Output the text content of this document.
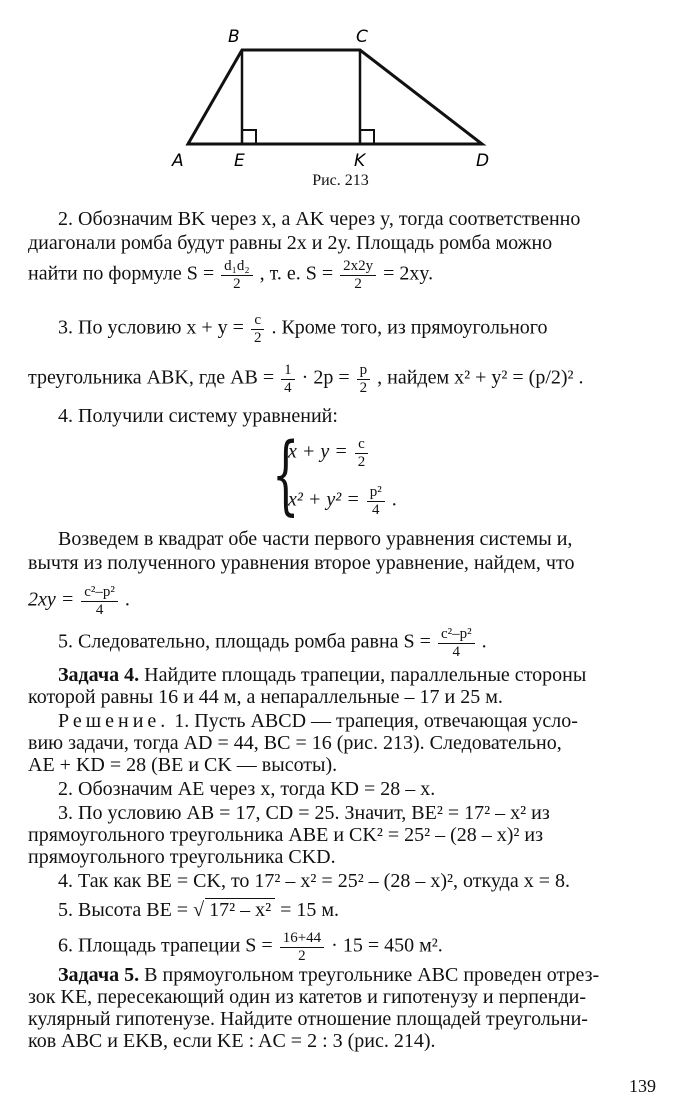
B	C
A	E	K	D
Рис. 213
2. Обозначим BK через x, а AK через y, тогда соответственно
диагонали ромба будут равны 2x и 2y. Площадь ромба можно
найти по формуле $S = \frac{\text{d₁d₂}}{2}$ , т. е. $S = \frac{2x2y}{2} = 2xy$.
3. По условию $x + y = \frac{c}{2}$ . Кроме того, из прямоугольного
треугольника ABK, где AB = $\frac{1}{4} \cdot 2p = \frac{p}{2}$ , найдем x² + y² = (p/2)² .
4. Получили систему уравнений:
{
$x + y = \frac{c}{2}$
$x^2 + y^2 = \frac{\text{p²}}{4}$ .
Возведем в квадрат обе части первого уравнения системы и,
вычтя из полученного уравнения второе уравнение, найдем, что
$2xy = \frac{\text{c²–p²}}{4}$ .
5. Следовательно, площадь ромба равна $S = \frac{\text{c²–p²}}{4}$ .
Задача 4. Найдите площадь трапеции, параллельные стороны
которой равны 16 и 44 м, а непараллельные – 17 и 25 м.
Решение. 1. Пусть ABCD — трапеция, отвечающая усло-
вию задачи, тогда AD = 44, BC = 16 (рис. 213). Следовательно,
AE + KD = 28 (BE и CK — высоты).
2. Обозначим AE через x, тогда KD = 28 – x.
3. По условию AB = 17, CD = 25. Значит, BE² = 17² – x² из
прямоугольного треугольника ABE и CK² = 25² – (28 – x)² из
прямоугольного треугольника CKD.
4. Так как BE = CK, то 17² – x² = 25² – (28 – x)², откуда x = 8.
5. Высота BE = √ 17² – x² = 15 м.
6. Площадь трапеции $S = \frac{16+44}{2} \cdot 15 = 450$ м².
Задача 5. В прямоугольном треугольнике ABC проведен отрез-
зок KE, пересекающий один из катетов и гипотенузу и перпенди-
кулярный гипотенузе. Найдите отношение площадей треугольни-
ков ABC и EKB, если KE : AC = 2 : 3 (рис. 214).
139
